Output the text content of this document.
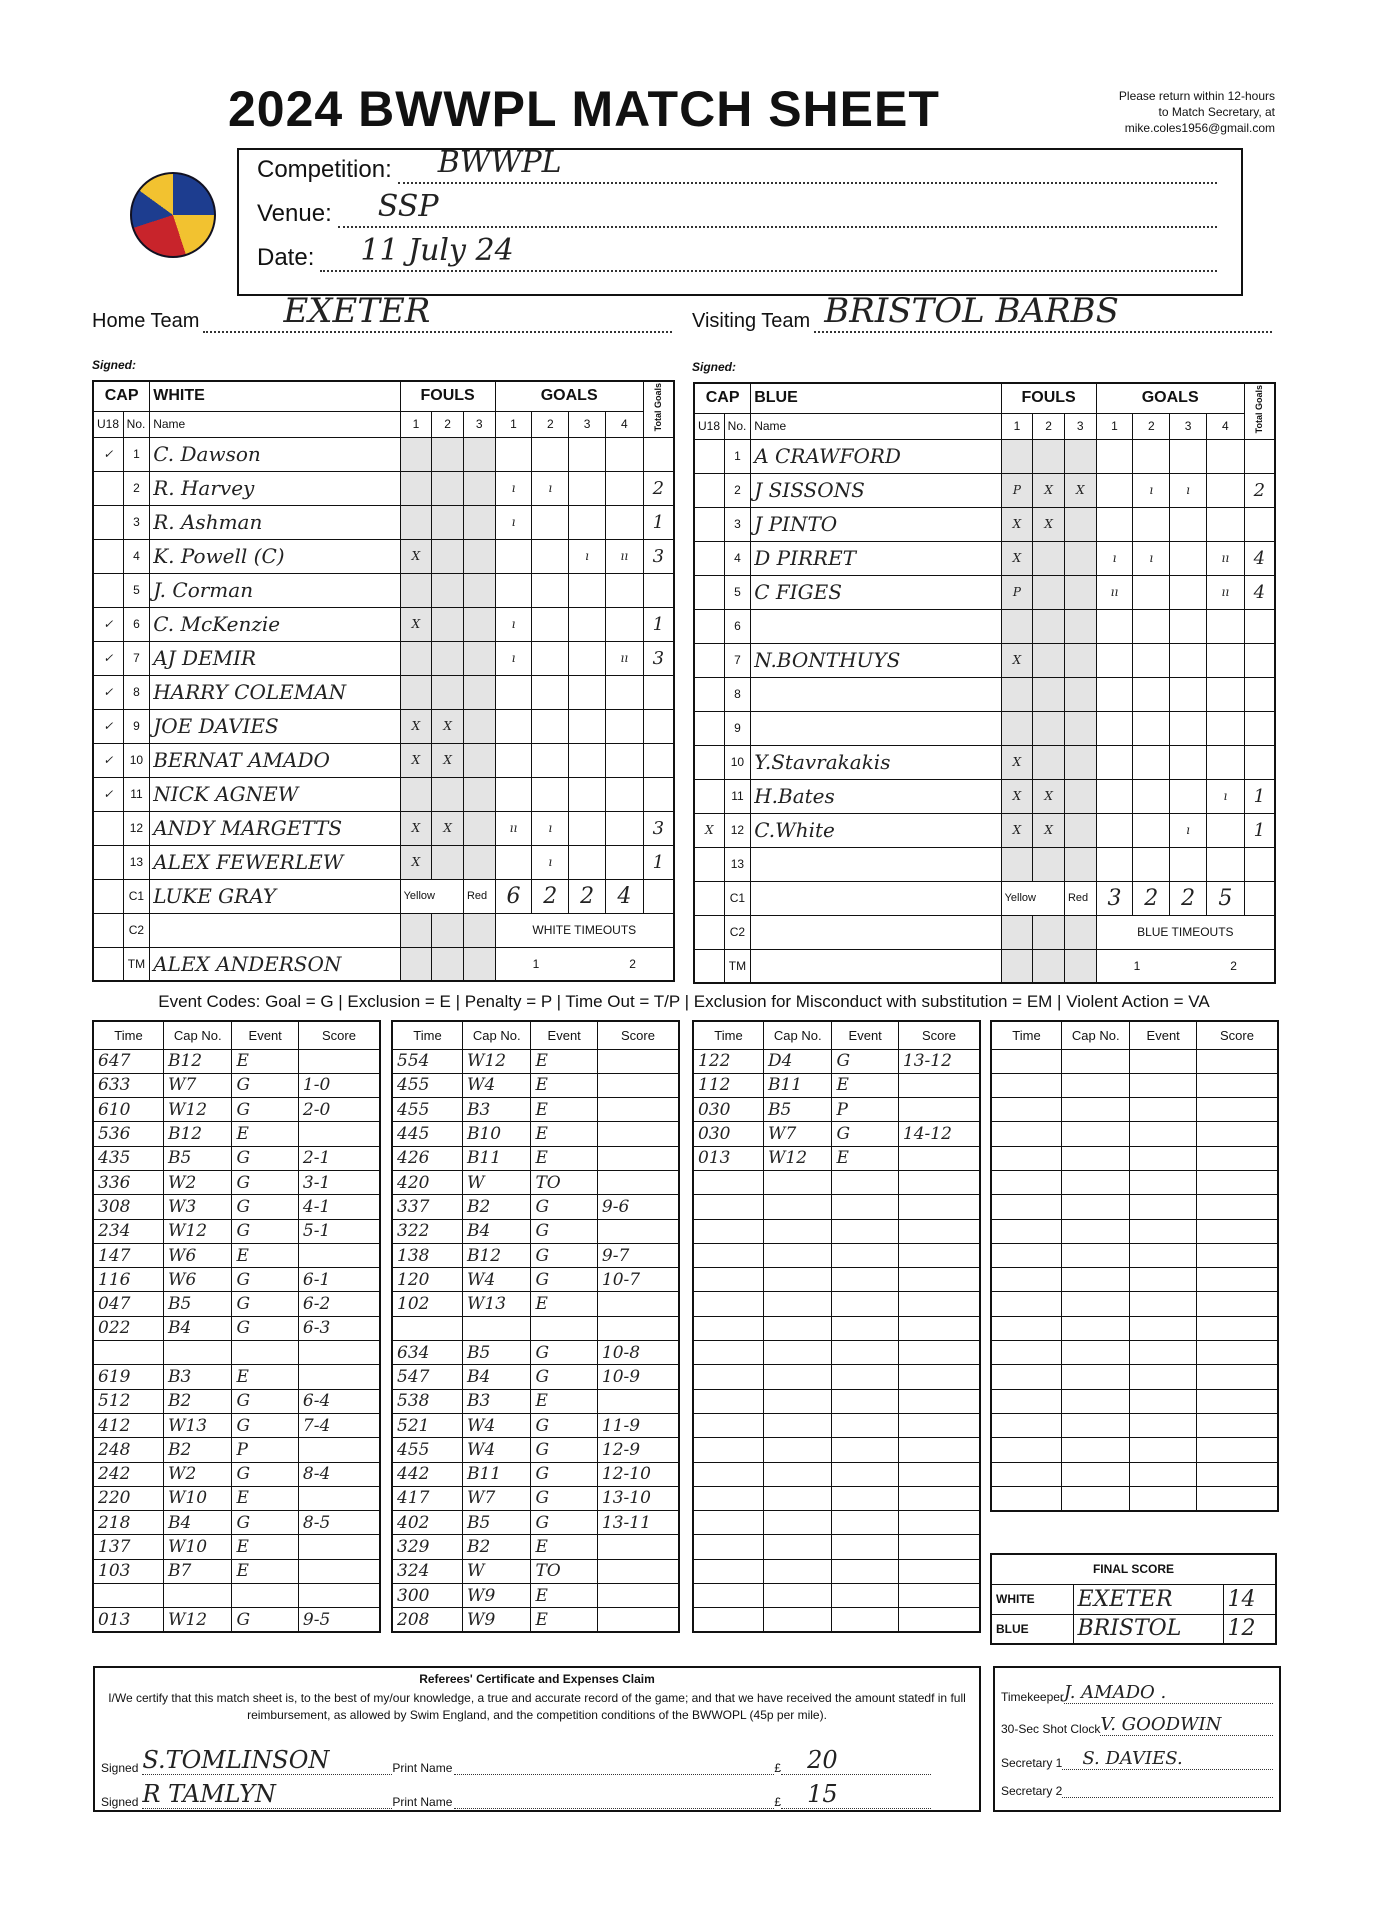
2024 BWWPL MATCH SHEET	Please return within 12-hours
to Match Secretary, at
mike.coles1956@gmail.com
Competition: BWWPL
Venue: SSP
Date: 11 July 24
Home Team EXETER
Signed:
Visiting Team BRISTOL BARBS
Signed:
CAP		WHITE	FOULS			GOALS				Total Goals
U18	No.	Name	1	2	3	1	2	3	4	
✓	1	C. Dawson								
	2	R. Harvey				ı	ı			2
	3	R. Ashman				ı				1
	4	K. Powell (C)	X					ı	ıı	3
	5	J. Corman								
✓	6	C. McKenzie	X			ı				1
✓	7	AJ DEMIR				ı			ıı	3
✓	8	HARRY COLEMAN								
✓	9	JOE DAVIES	X	X						
✓	10	BERNAT AMADO	X	X						
✓	11	NICK AGNEW								
	12	ANDY MARGETTS	X	X		ıı	ı			3
	13	ALEX FEWERLEW	X				ı			1
	C1	LUKE GRAY	Yellow		Red	6	2	2	4	
	C2					WHITE TIMEOUTS				
	TM	ALEX ANDERSON				1 2				
CAP		BLUE	FOULS			GOALS				Total Goals
U18	No.	Name	1	2	3	1	2	3	4	
	1	A CRAWFORD								
	2	J SISSONS	P	X	X		ı	ı		2
	3	J PINTO	X	X						
	4	D PIRRET	X			ı	ı		ıı	4
	5	C FIGES	P			ıı			ıı	4
	6									
	7	N.BONTHUYS	X							
	8									
	9									
	10	Y.Stavrakakis	X							
	11	H.Bates	X	X					ı	1
X	12	C.White	X	X				ı		1
	13									
	C1		Yellow		Red	3	2	2	5	
	C2					BLUE TIMEOUTS				
	TM					1 2				
Event Codes: Goal = G | Exclusion = E | Penalty = P | Time Out = T/P | Exclusion for Misconduct with substitution = EM | Violent Action = VA
Time	Cap No.	Event	Score
647	B12	E	
633	W7	G	1-0
610	W12	G	2-0
536	B12	E	
435	B5	G	2-1
336	W2	G	3-1
308	W3	G	4-1
234	W12	G	5-1
147	W6	E	
116	W6	G	6-1
047	B5	G	6-2
022	B4	G	6-3

619	B3	E	
512	B2	G	6-4
412	W13	G	7-4
248	B2	P	
242	W2	G	8-4
220	W10	E	
218	B4	G	8-5
137	W10	E	
103	B7	E	

013	W12	G	9-5
Time	Cap No.	Event	Score
554	W12	E	
455	W4	E	
455	B3	E	
445	B10	E	
426	B11	E	
420	W	TO	
337	B2	G	9-6
322	B4	G	
138	B12	G	9-7
120	W4	G	10-7
102	W13	E	

634	B5	G	10-8
547	B4	G	10-9
538	B3	E	
521	W4	G	11-9
455	W4	G	12-9
442	B11	G	12-10
417	W7	G	13-10
402	B5	G	13-11
329	B2	E	
324	W	TO	
300	W9	E	
208	W9	E	
Time	Cap No.	Event	Score
122	D4	G	13-12
112	B11	E	
030	B5	P	
030	W7	G	14-12
013	W12	E	

Time	Cap No.	Event	Score

FINAL SCORE		
WHITE	EXETER	14
BLUE	BRISTOL	12
Referees' Certificate and Expenses Claim
I/We certify that this match sheet is, to the best of my/our knowledge, a true and accurate record of the game; and that we have received the amount statedf in full reimbursement, as allowed by Swim England, and the competition conditions of the BWWOPL (45p per mile).
Signed S.TOMLINSON	Print Name	£	20
Signed R TAMLYN	Print Name	£	15
Timekeeper J. AMADO .
30-Sec Shot Clock V. GOODWIN
Secretary 1	S. DAVIES.
Secretary 2
